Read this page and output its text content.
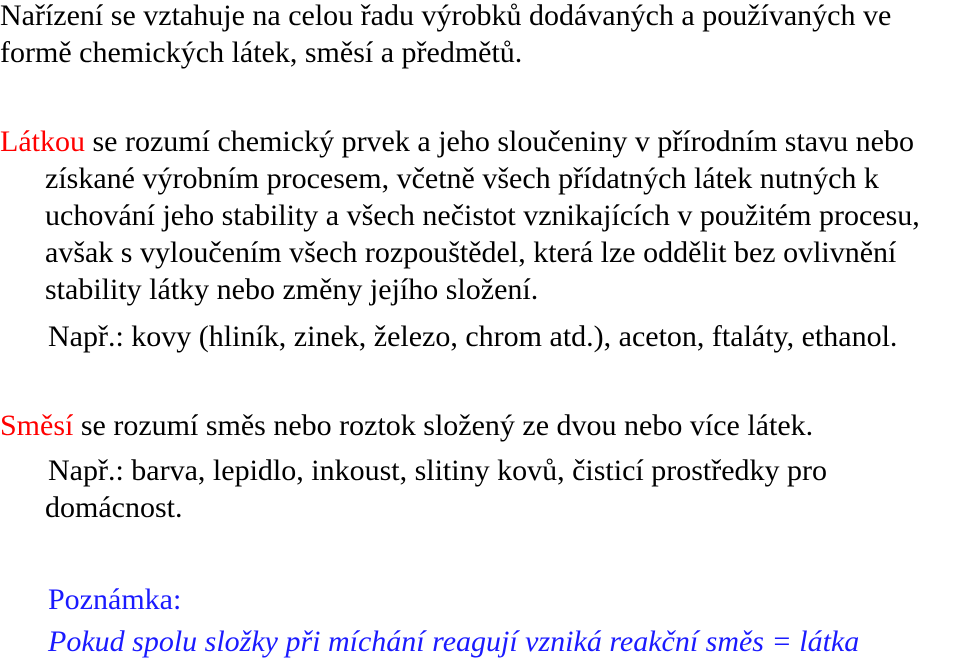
Nařízení se vztahuje na celou řadu výrobků dodávaných a používaných ve
formě chemických látek, směsí a předmětů.
Látkou se rozumí chemický prvek a jeho sloučeniny v přírodním stavu nebo
získané výrobním procesem, včetně všech přídatných látek nutných k
uchování jeho stability a všech nečistot vznikajících v použitém procesu,
avšak s vyloučením všech rozpouštědel, která lze oddělit bez ovlivnění
stability látky nebo změny jejího složení.
Např.: kovy (hliník, zinek, železo, chrom atd.), aceton, ftaláty, ethanol.
Směsí se rozumí směs nebo roztok složený ze dvou nebo více látek.
Např.: barva, lepidlo, inkoust, slitiny kovů, čisticí prostředky pro
domácnost.
Poznámka:
Pokud spolu složky při míchání reagují vzniká reakční směs = látka
